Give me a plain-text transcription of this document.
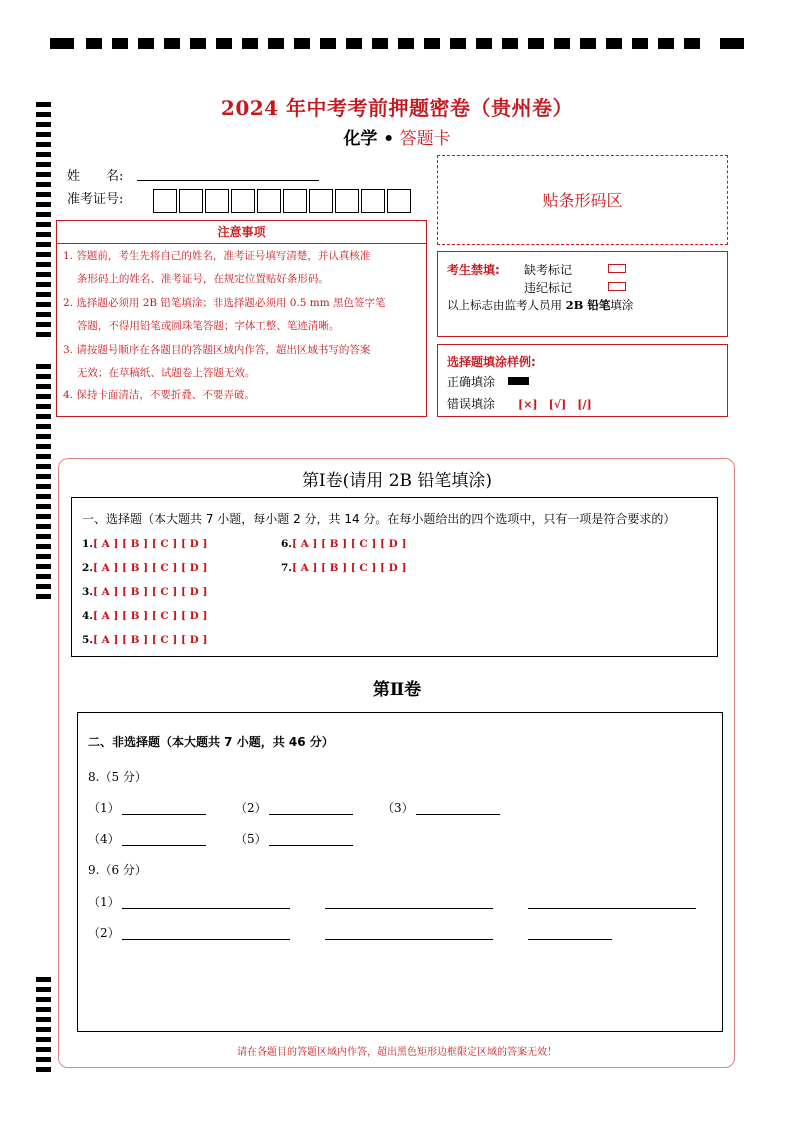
2024 年中考考前押题密卷（贵州卷）
化学 • 答题卡
姓　　名:
准考证号:	贴条形码区
注意事项
1. 答题前，考生先将自己的姓名，准考证号填写清楚，并认真核准
　 条形码上的姓名、准考证号，在规定位置贴好条形码。
2. 选择题必须用 2B 铅笔填涂；非选择题必须用 0.5 mm 黑色签字笔
　 答题，不得用铅笔或圆珠笔答题；字体工整、笔迹清晰。
3. 请按题号顺序在各题目的答题区域内作答，超出区域书写的答案
　 无效；在草稿纸、试题卷上答题无效。
4. 保持卡面清洁，不要折叠、不要弄破。
考生禁填: 缺考标记
违纪标记
以上标志由监考人员用 2B 铅笔填涂
选择题填涂样例:
正确填涂
错误填涂 [×]　[√]　[/]
第Ⅰ卷(请用 2B 铅笔填涂)
一、选择题（本大题共 7 小题，每小题 2 分，共 14 分。在每小题给出的四个选项中，只有一项是符合要求的）
1.[ A ] [ B ] [ C ] [ D ]
2.[ A ] [ B ] [ C ] [ D ]
3.[ A ] [ B ] [ C ] [ D ]
4.[ A ] [ B ] [ C ] [ D ]
5.[ A ] [ B ] [ C ] [ D ]
6.[ A ] [ B ] [ C ] [ D ]
7.[ A ] [ B ] [ C ] [ D ]
第Ⅱ卷
二、非选择题（本大题共 7 小题，共 46 分）
8.（5 分）
（1）	（2）	（3）
（4）	（5）
9.（6 分）
（1）
（2）
请在各题目的答题区域内作答，超出黑色矩形边框限定区域的答案无效！
